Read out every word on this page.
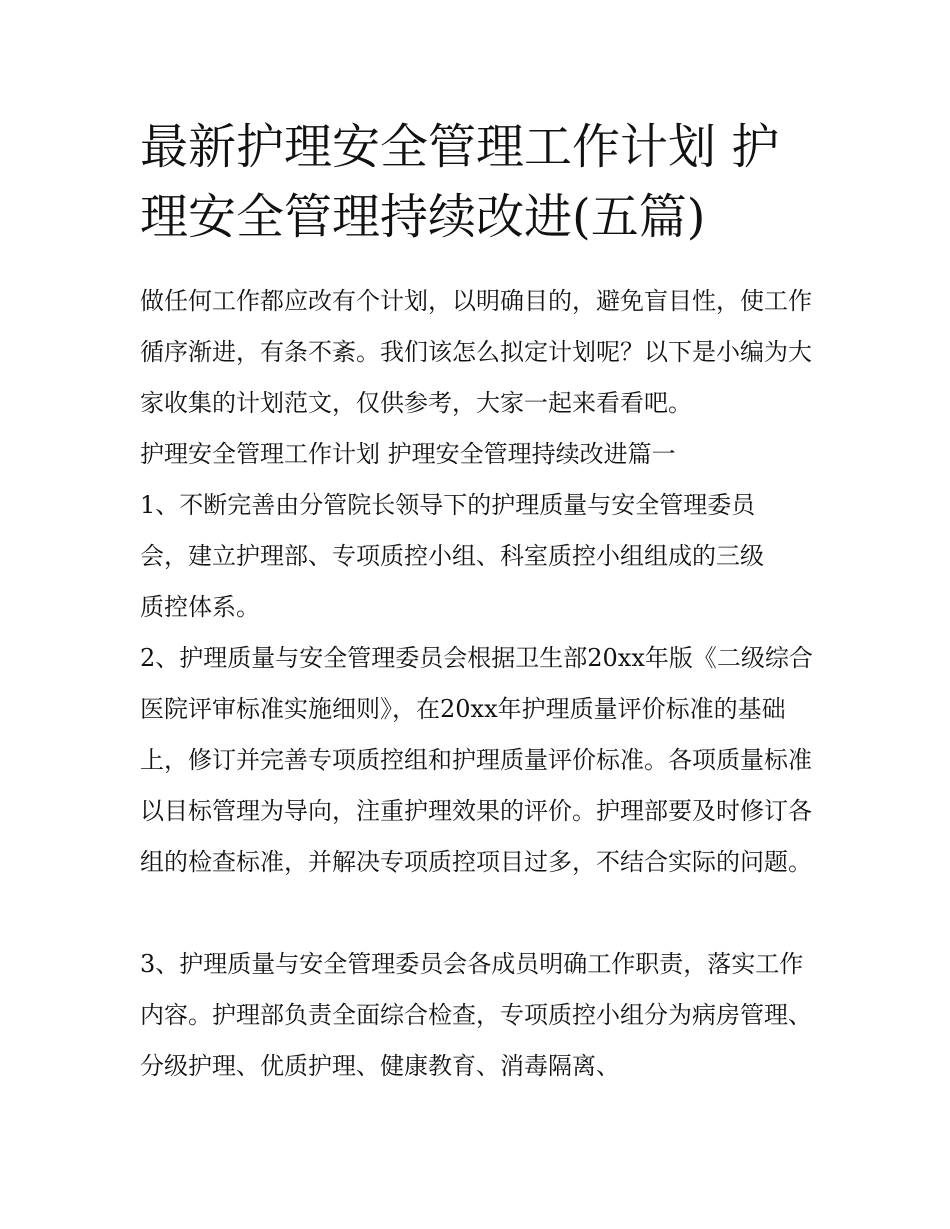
最新护理安全管理工作计划 护理安全管理持续改进(五篇)

做任何工作都应改有个计划，以明确目的，避免盲目性，使工作循序渐进，有条不紊。我们该怎么拟定计划呢？以下是小编为大家收集的计划范文，仅供参考，大家一起来看看吧。

护理安全管理工作计划 护理安全管理持续改进篇一

1、不断完善由分管院长领导下的护理质量与安全管理委员会，建立护理部、专项质控小组、科室质控小组组成的三级质控体系。

2、护理质量与安全管理委员会根据卫生部20xx年版《二级综合医院评审标准实施细则》，在20xx年护理质量评价标准的基础上，修订并完善专项质控组和护理质量评价标准。各项质量标准以目标管理为导向，注重护理效果的评价。护理部要及时修订各组的检查标准，并解决专项质控项目过多，不结合实际的问题。

3、护理质量与安全管理委员会各成员明确工作职责，落实工作内容。护理部负责全面综合检查，专项质控小组分为病房管理、分级护理、优质护理、健康教育、消毒隔离、
